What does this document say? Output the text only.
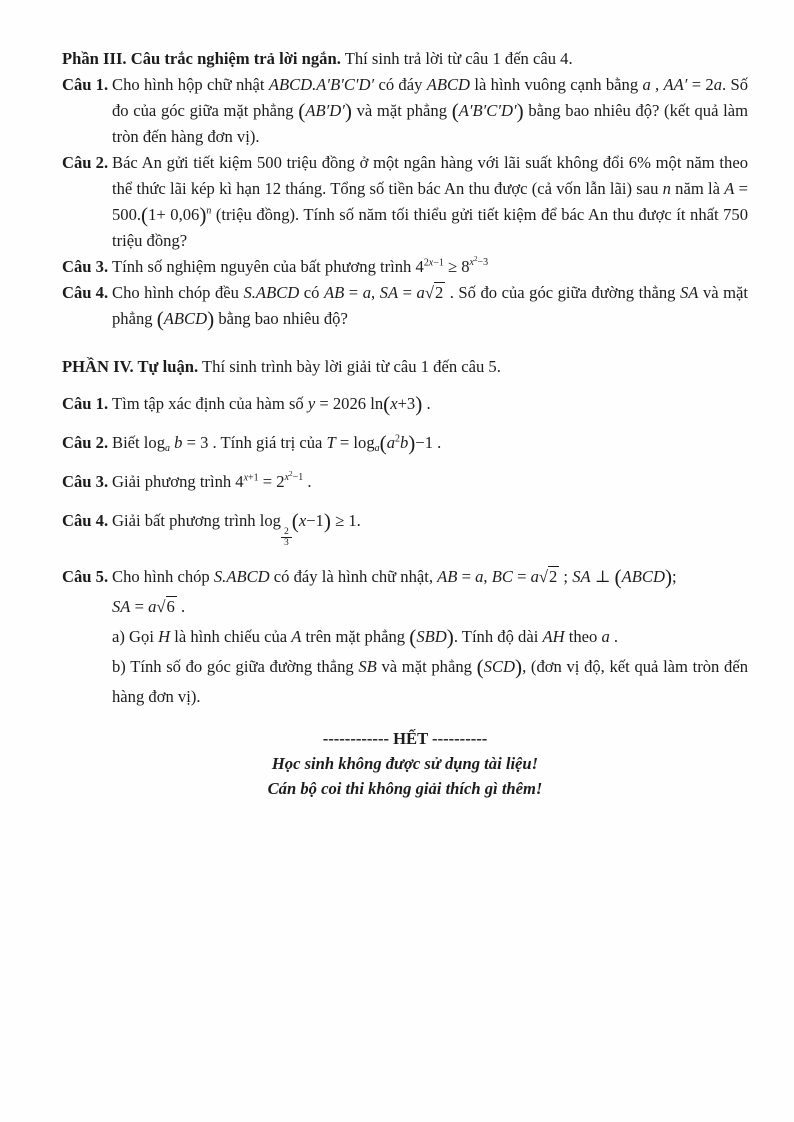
Phần III. Câu trắc nghiệm trả lời ngắn. Thí sinh trả lời từ câu 1 đến câu 4.

Câu 1. Cho hình hộp chữ nhật ABCD.A′B′C′D′ có đáy ABCD là hình vuông cạnh bằng a , AA′ = 2a. Số đo của góc giữa mặt phẳng (AB′D′) và mặt phẳng (A′B′C′D′) bằng bao nhiêu độ? (kết quả làm tròn đến hàng đơn vị).
Câu 2. Bác An gửi tiết kiệm 500 triệu đồng ở một ngân hàng với lãi suất không đổi 6% một năm theo thể thức lãi kép kì hạn 12 tháng. Tổng số tiền bác An thu được (cả vốn lẫn lãi) sau n năm là $A = 500.(1+ 0,06)^n$ (triệu đồng). Tính số năm tối thiểu gửi tiết kiệm để bác An thu được ít nhất 750 triệu đồng?
Câu 3. Tính số nghiệm nguyên của bất phương trình $4^{2x-1} \ge 8^{x^2-3}$
Câu 4. Cho hình chóp đều S.ABCD có AB = a, SA = a√2 . Số đo của góc giữa đường thẳng SA và mặt phẳng (ABCD) bằng bao nhiêu độ?

PHẦN IV. Tự luận. Thí sinh trình bày lời giải từ câu 1 đến câu 5.

Câu 1. Tìm tập xác định của hàm số y = 2026 ln(x+3) .
Câu 2. Biết $\log_a b = 3$ . Tính giá trị của $T = \log_a(a^2b)-1$ .
Câu 3. Giải phương trình $4^{x+1} = 2^{x^2-1}$ .
Câu 4. Giải bất phương trình log
$\frac{2}{3}$
(x−1) ≥ 1.
Câu 5. Cho hình chóp S.ABCD có đáy là hình chữ nhật, AB = a, BC = a√2 ; SA ⊥ (ABCD);
SA = a√6 .
a) Gọi H là hình chiếu của A trên mặt phẳng (SBD). Tính độ dài AH theo a .
b) Tính số đo góc giữa đường thẳng SB và mặt phẳng (SCD), (đơn vị độ, kết quả làm tròn đến hàng đơn vị).
------------ HẾT ----------
Học sinh không được sử dụng tài liệu!
Cán bộ coi thi không giải thích gì thêm!
